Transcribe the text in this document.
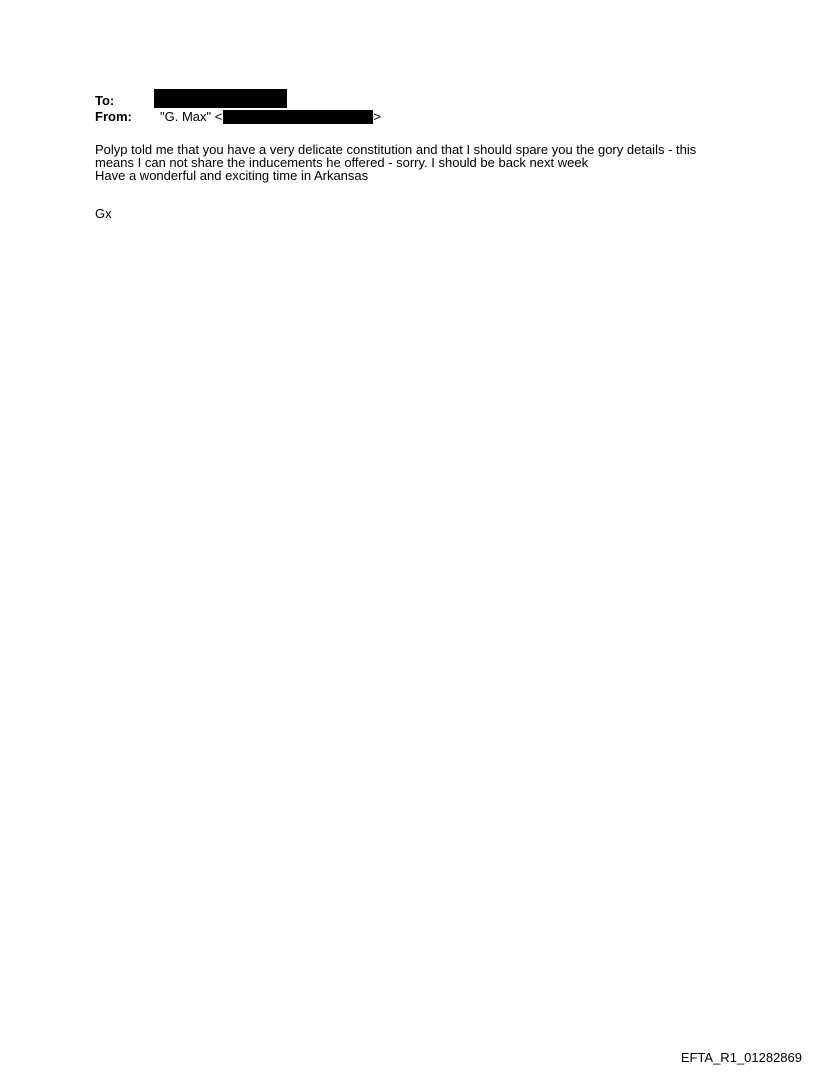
To:
From:	"G. Max" <	>

Polyp told me that you have a very delicate constitution and that I should spare you the gory details - this

means I can not share the inducements he offered - sorry. I should be back next week

Have a wonderful and exciting time in Arkansas

Gx
EFTA_R1_01282869
